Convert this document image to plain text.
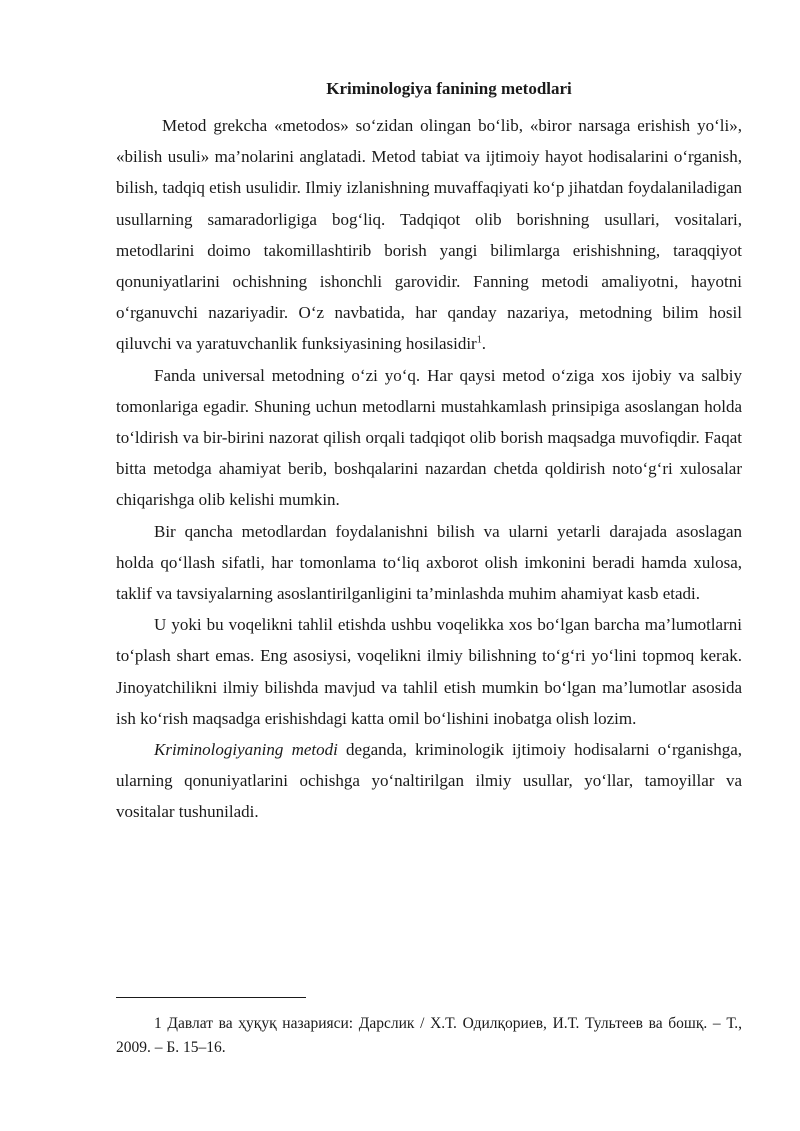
Kriminologiya fanining metodlari

Metod grekcha «metodos» so‘zidan olingan bo‘lib, «biror narsaga erishish yo‘li», «bilish usuli» ma’nolarini anglatadi. Metod tabiat va ijtimoiy hayot hodisalarini o‘rganish, bilish, tadqiq etish usulidir. Ilmiy izlanishning muvaffaqiyati ko‘p jihatdan foydalaniladigan usullarning samaradorligiga bog‘liq. Tadqiqot olib borishning usullari, vositalari, metodlarini doimo takomillashtirib borish yangi bilimlarga erishishning, taraqqiyot qonuniyatlarini ochishning ishonchli garovidir. Fanning metodi amaliyotni, hayotni o‘rganuvchi nazariyadir. O‘z navbatida, har qanday nazariya, metodning bilim hosil qiluvchi va yaratuvchanlik funksiyasining hosilasidir$^1$.

Fanda universal metodning o‘zi yo‘q. Har qaysi metod o‘ziga xos ijobiy va salbiy tomonlariga egadir. Shuning uchun metodlarni mustahkamlash prinsipiga asoslangan holda to‘ldirish va bir-birini nazorat qilish orqali tadqiqot olib borish maqsadga muvofiqdir. Faqat bitta metodga ahamiyat berib, boshqalarini nazardan chetda qoldirish noto‘g‘ri xulosalar chiqarishga olib kelishi mumkin.

Bir qancha metodlardan foydalanishni bilish va ularni yetarli darajada asoslagan holda qo‘llash sifatli, har tomonlama to‘liq axborot olish imkonini beradi hamda xulosa, taklif va tavsiyalarning asoslantirilganligini ta’minlashda muhim ahamiyat kasb etadi.

U yoki bu voqelikni tahlil etishda ushbu voqelikka xos bo‘lgan barcha ma’lumotlarni to‘plash shart emas. Eng asosiysi, voqelikni ilmiy bilishning to‘g‘ri yo‘lini topmoq kerak. Jinoyatchilikni ilmiy bilishda mavjud va tahlil etish mumkin bo‘lgan ma’lumotlar asosida ish ko‘rish maqsadga erishishdagi katta omil bo‘lishini inobatga olish lozim.

Kriminologiyaning metodi deganda, kriminologik ijtimoiy hodisalarni o‘rganishga, ularning qonuniyatlarini ochishga yo‘naltirilgan ilmiy usullar, yo‘llar, tamoyillar va vositalar tushuniladi.

1 Давлат ва ҳуқуқ назарияси: Дарслик / Х.Т. Одилқориев, И.Т. Тультеев ва бошқ. – Т., 2009. – Б. 15–16.
